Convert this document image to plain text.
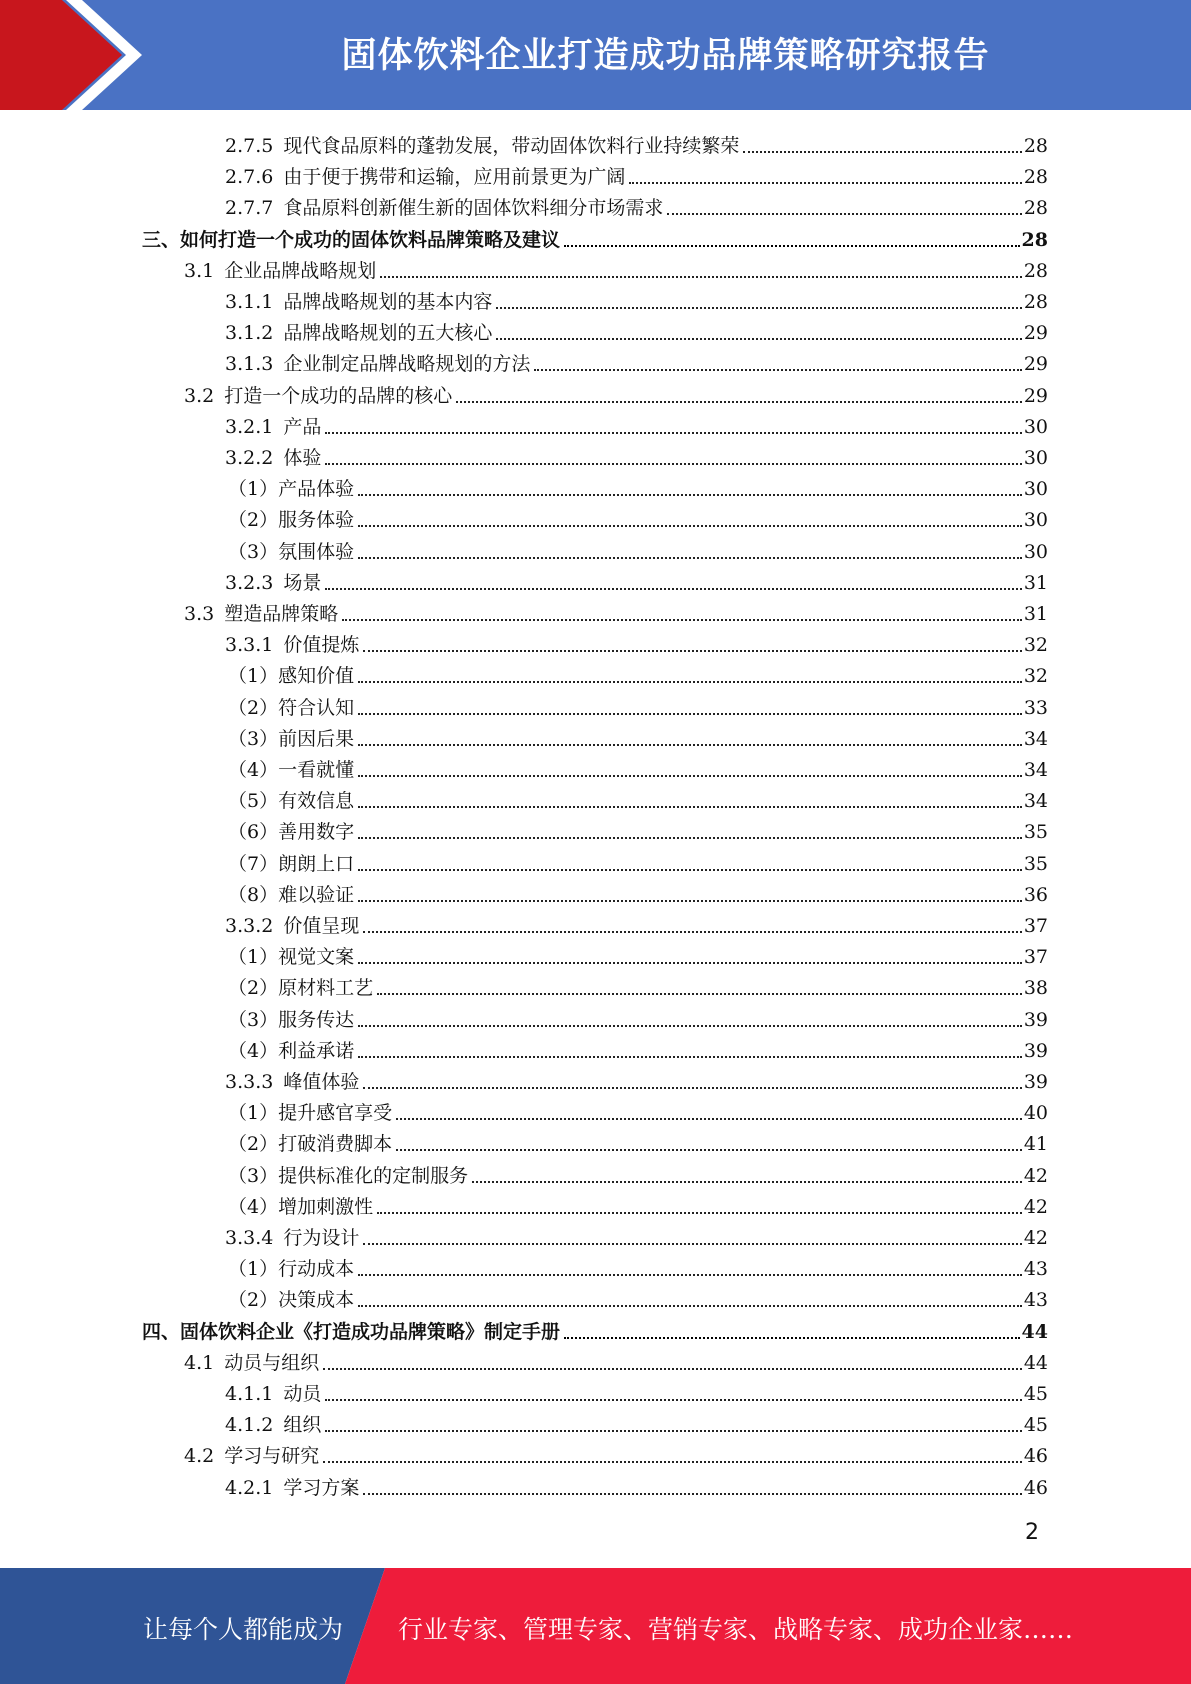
固体饮料企业打造成功品牌策略研究报告
2.7.5 现代食品原料的蓬勃发展，带动固体饮料行业持续繁荣	28
2.7.6 由于便于携带和运输，应用前景更为广阔	28
2.7.7 食品原料创新催生新的固体饮料细分市场需求	28
三、如何打造一个成功的固体饮料品牌策略及建议	28
3.1 企业品牌战略规划	28
3.1.1 品牌战略规划的基本内容	28
3.1.2 品牌战略规划的五大核心	29
3.1.3 企业制定品牌战略规划的方法	29
3.2 打造一个成功的品牌的核心	29
3.2.1 产品	30
3.2.2 体验	30
（1） 产品体验	30
（2） 服务体验	30
（3） 氛围体验	30
3.2.3 场景	31
3.3 塑造品牌策略	31
3.3.1 价值提炼	32
（1） 感知价值	32
（2） 符合认知	33
（3） 前因后果	34
（4） 一看就懂	34
（5） 有效信息	34
（6） 善用数字	35
（7） 朗朗上口	35
（8） 难以验证	36
3.3.2 价值呈现	37
（1） 视觉文案	37
（2） 原材料工艺	38
（3） 服务传达	39
（4） 利益承诺	39
3.3.3 峰值体验	39
（1） 提升感官享受	40
（2） 打破消费脚本	41
（3） 提供标准化的定制服务	42
（4） 增加刺激性	42
3.3.4 行为设计	42
（1） 行动成本	43
（2） 决策成本	43
四、固体饮料企业《打造成功品牌策略》制定手册	44
4.1 动员与组织	44
4.1.1 动员	45
4.1.2 组织	45
4.2 学习与研究	46
4.2.1 学习方案	46
2
让每个人都能成为 行业专家、管理专家、营销专家、战略专家、成功企业家……
